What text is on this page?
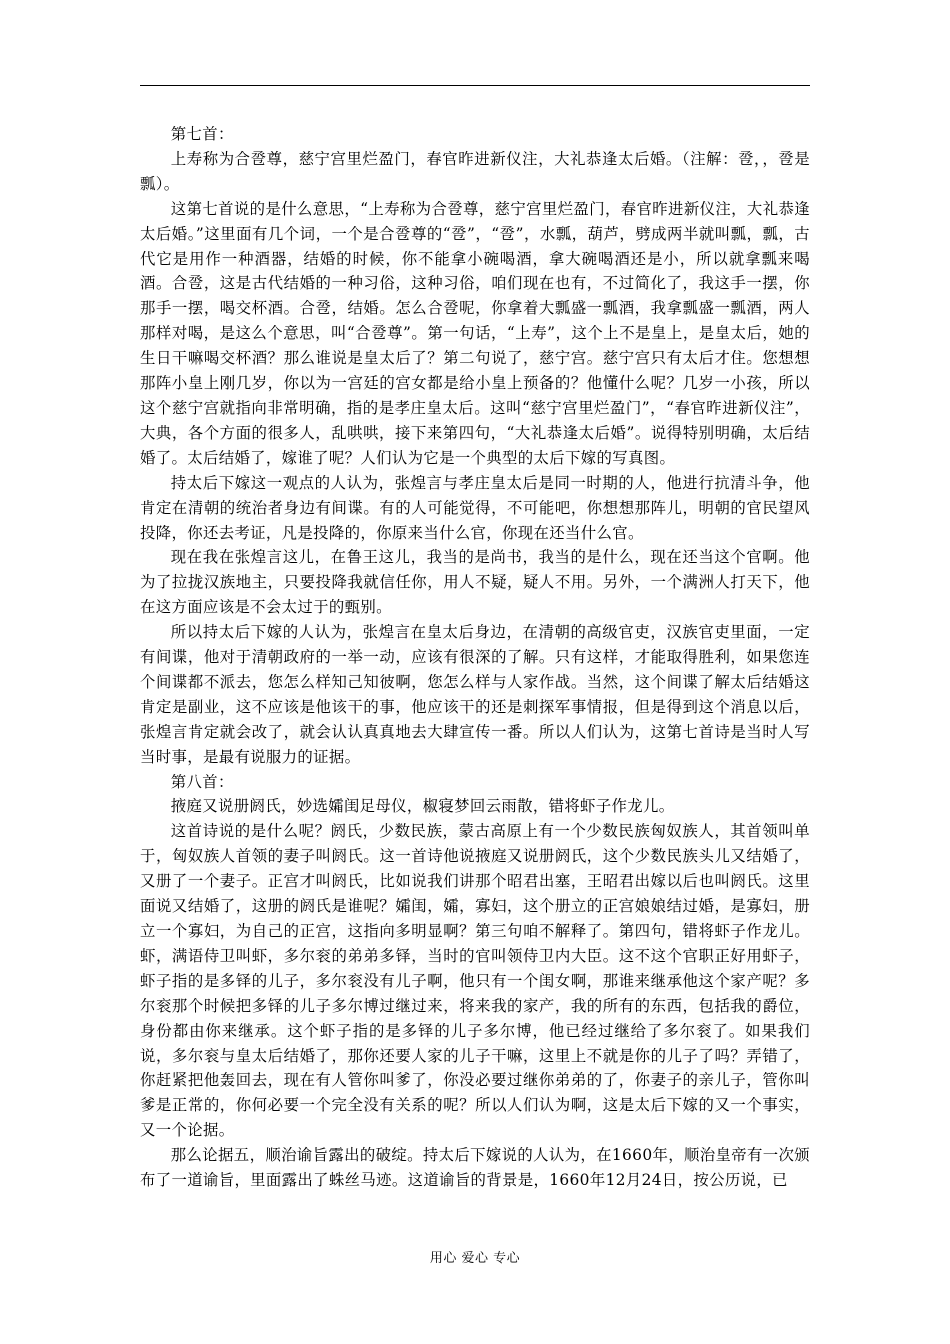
第七首：

上寿称为合卺尊，慈宁宫里烂盈门，春官昨进新仪注，大礼恭逢太后婚。（注解：卺，，卺是瓢）。

这第七首说的是什么意思，“上寿称为合卺尊，慈宁宫里烂盈门，春官昨进新仪注，大礼恭逢太后婚。”这里面有几个词，一个是合卺尊的“卺”，“卺”，水瓢，葫芦，劈成两半就叫瓢，瓢，古代它是用作一种酒器，结婚的时候，你不能拿小碗喝酒，拿大碗喝酒还是小，所以就拿瓢来喝酒。合卺，这是古代结婚的一种习俗，这种习俗，咱们现在也有，不过简化了，我这手一摆，你那手一摆，喝交杯酒。合卺，结婚。怎么合卺呢，你拿着大瓢盛一瓢酒，我拿瓢盛一瓢酒，两人那样对喝，是这么个意思，叫“合卺尊”。第一句话，“上寿”，这个上不是皇上，是皇太后，她的生日干嘛喝交杯酒？那么谁说是皇太后了？第二句说了，慈宁宫。慈宁宫只有太后才住。您想想那阵小皇上刚几岁，你以为一宫廷的宫女都是给小皇上预备的？他懂什么呢？几岁一小孩，所以这个慈宁宫就指向非常明确，指的是孝庄皇太后。这叫“慈宁宫里烂盈门”，“春官昨进新仪注”，大典，各个方面的很多人，乱哄哄，接下来第四句，“大礼恭逢太后婚”。说得特别明确，太后结婚了。太后结婚了，嫁谁了呢？人们认为它是一个典型的太后下嫁的写真图。

持太后下嫁这一观点的人认为，张煌言与孝庄皇太后是同一时期的人，他进行抗清斗争，他肯定在清朝的统治者身边有间谍。有的人可能觉得，不可能吧，你想想那阵儿，明朝的官民望风投降，你还去考证，凡是投降的，你原来当什么官，你现在还当什么官。

现在我在张煌言这儿，在鲁王这儿，我当的是尚书，我当的是什么，现在还当这个官啊。他为了拉拢汉族地主，只要投降我就信任你，用人不疑，疑人不用。另外，一个满洲人打天下，他在这方面应该是不会太过于的甄别。

所以持太后下嫁的人认为，张煌言在皇太后身边，在清朝的高级官吏，汉族官吏里面，一定有间谍，他对于清朝政府的一举一动，应该有很深的了解。只有这样，才能取得胜利，如果您连个间谍都不派去，您怎么样知己知彼啊，您怎么样与人家作战。当然，这个间谍了解太后结婚这肯定是副业，这不应该是他该干的事，他应该干的还是刺探军事情报，但是得到这个消息以后，张煌言肯定就会改了，就会认认真真地去大肆宣传一番。所以人们认为，这第七首诗是当时人写当时事，是最有说服力的证据。

第八首：

掖庭又说册阏氏，妙选孀闺足母仪，椒寝梦回云雨散，错将虾子作龙儿。

这首诗说的是什么呢？阏氏，少数民族，蒙古高原上有一个少数民族匈奴族人，其首领叫单于，匈奴族人首领的妻子叫阏氏。这一首诗他说掖庭又说册阏氏，这个少数民族头儿又结婚了，又册了一个妻子。正宫才叫阏氏，比如说我们讲那个昭君出塞，王昭君出嫁以后也叫阏氏。这里面说又结婚了，这册的阏氏是谁呢？孀闺，孀，寡妇，这个册立的正宫娘娘结过婚，是寡妇，册立一个寡妇，为自己的正宫，这指向多明显啊？第三句咱不解释了。第四句，错将虾子作龙儿。虾，满语侍卫叫虾，多尔衮的弟弟多铎，当时的官叫领侍卫内大臣。这不这个官职正好用虾子，虾子指的是多铎的儿子，多尔衮没有儿子啊，他只有一个闺女啊，那谁来继承他这个家产呢？多尔衮那个时候把多铎的儿子多尔博过继过来，将来我的家产，我的所有的东西，包括我的爵位，身份都由你来继承。这个虾子指的是多铎的儿子多尔博，他已经过继给了多尔衮了。如果我们说，多尔衮与皇太后结婚了，那你还要人家的儿子干嘛，这里上不就是你的儿子了吗？弄错了，你赶紧把他轰回去，现在有人管你叫爹了，你没必要过继你弟弟的了，你妻子的亲儿子，管你叫爹是正常的，你何必要一个完全没有关系的呢？所以人们认为啊，这是太后下嫁的又一个事实，又一个论据。

那么论据五，顺治谕旨露出的破绽。持太后下嫁说的人认为，在1660年，顺治皇帝有一次颁布了一道谕旨，里面露出了蛛丝马迹。这道谕旨的背景是，1660年12月24日，按公历说，已

用心 爱心 专心
